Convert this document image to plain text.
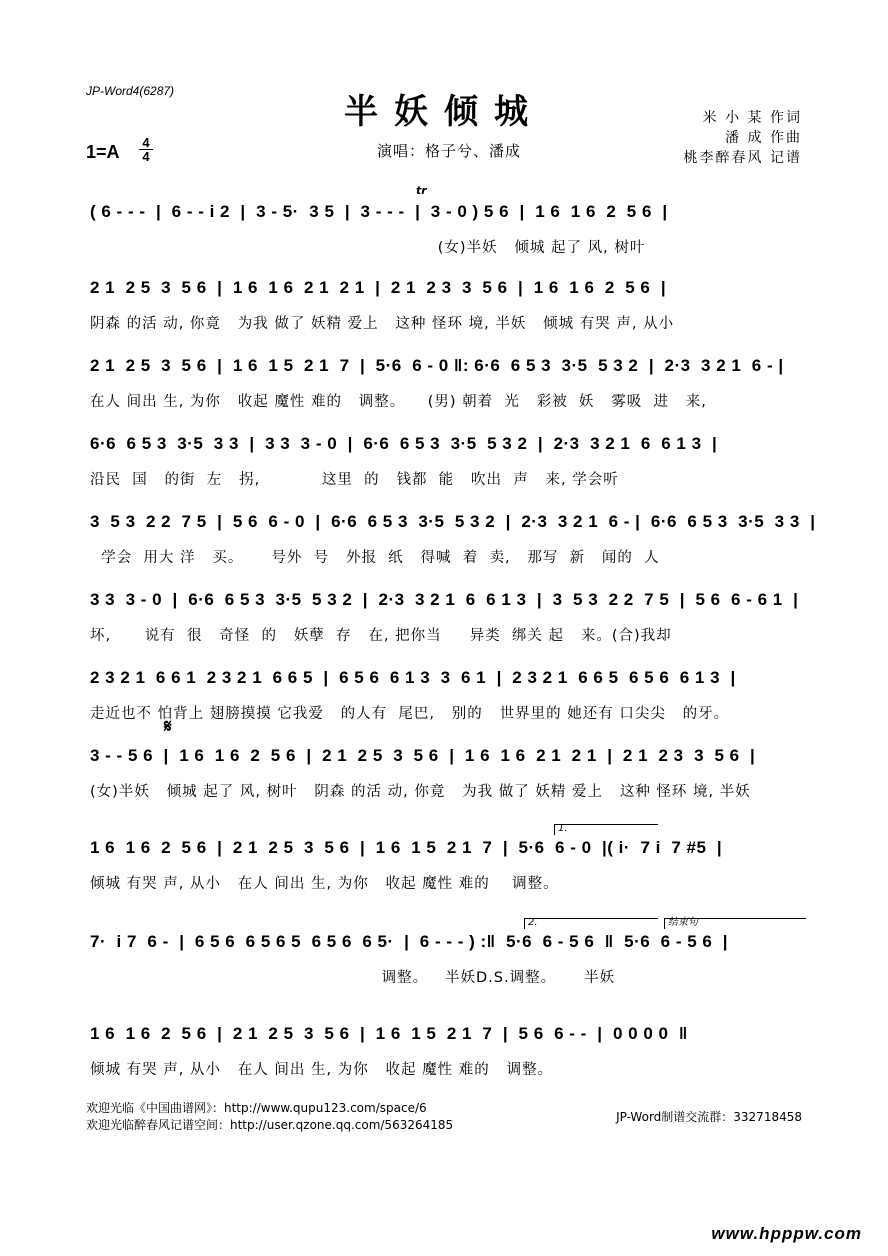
JP-Word4(6287)
半妖倾城
演唱：格子兮、潘成
米 小 某 作词
潘 成 作曲
桃李醉春风 记谱
1=A 4
4
tr
( 6 - - -  |  6 - - i 2  |  3 - 5·  3 5  |  3 - - -  |  3 - 0 ) 5 6  |  1 6  1 6  2  5 6  |
(女)半妖   倾城 起了 风, 树叶
2 1  2 5  3  5 6  |  1 6  1 6  2 1  2 1  |  2 1  2 3  3  5 6  |  1 6  1 6  2  5 6  |
阴森 的活 动, 你竟   为我 做了 妖精 爱上   这种 怪环 境, 半妖   倾城 有哭 声, 从小
2 1  2 5  3  5 6  |  1 6  1 5  2 1  7  |  5·6  6 - 0 ‖: 6·6  6 5 3  3·5  5 3 2  |  2·3  3 2 1  6 - |
在人 间出 生, 为你   收起 魔性 难的   调整。    (男) 朝着  光   彩被  妖   雾吸  进   来,
6·6  6 5 3  3·5  3 3  |  3 3  3 - 0  |  6·6  6 5 3  3·5  5 3 2  |  2·3  3 2 1  6  6 1 3  |
沿民  国   的街  左   拐,           这里  的   钱都  能   吹出  声   来, 学会听
3  5 3  2 2  7 5  |  5 6  6 - 0  |  6·6  6 5 3  3·5  5 3 2  |  2·3  3 2 1  6 - |  6·6  6 5 3  3·5  3 3  |
学会  用大 洋   买。     号外  号   外报  纸   得喊  着  卖,   那写  新   闻的  人
3 3  3 - 0  |  6·6  6 5 3  3·5  5 3 2  |  2·3  3 2 1  6  6 1 3  |  3  5 3  2 2  7 5  |  5 6  6 - 6 1  |
坏,      说有  很   奇怪  的   妖孽  存   在, 把你当     异类  绑关 起   来。(合)我却
2 3 2 1  6 6 1  2 3 2 1  6 6 5  |  6 5 6  6 1 3  3  6 1  |  2 3 2 1  6 6 5  6 5 6  6 1 3  |
走近也不 怕背上 翅膀摸摸 它我爱   的人有  尾巴,   别的   世界里的 她还有 口尖尖   的牙。
𝄋
3 - - 5 6  |  1 6  1 6  2  5 6  |  2 1  2 5  3  5 6  |  1 6  1 6  2 1  2 1  |  2 1  2 3  3  5 6  |
(女)半妖   倾城 起了 风, 树叶   阴森 的活 动, 你竟   为我 做了 妖精 爱上   这种 怪环 境, 半妖
1.
1 6  1 6  2  5 6  |  2 1  2 5  3  5 6  |  1 6  1 5  2 1  7  |  5·6  6 - 0  |( i·  7 i  7 #5  |
倾城 有哭 声, 从小   在人 间出 生, 为你   收起 魔性 难的    调整。
2.	结束句
7·  i 7  6 -  |  6 5 6  6 5 6 5  6 5 6  6 5·  |  6 - - - ) :‖  5·6  6 - 5 6  ‖  5·6  6 - 5 6  |
调整。   半妖D.S.调整。     半妖
1 6  1 6  2  5 6  |  2 1  2 5  3  5 6  |  1 6  1 5  2 1  7  |  5 6  6 - -  |  0 0 0 0  ‖
倾城 有哭 声, 从小   在人 间出 生, 为你   收起 魔性 难的   调整。
欢迎光临《中国曲谱网》：http://www.qupu123.com/space/6
欢迎光临醉春风记谱空间：http://user.qzone.qq.com/563264185
JP-Word制谱交流群：332718458
www.hpppw.com
